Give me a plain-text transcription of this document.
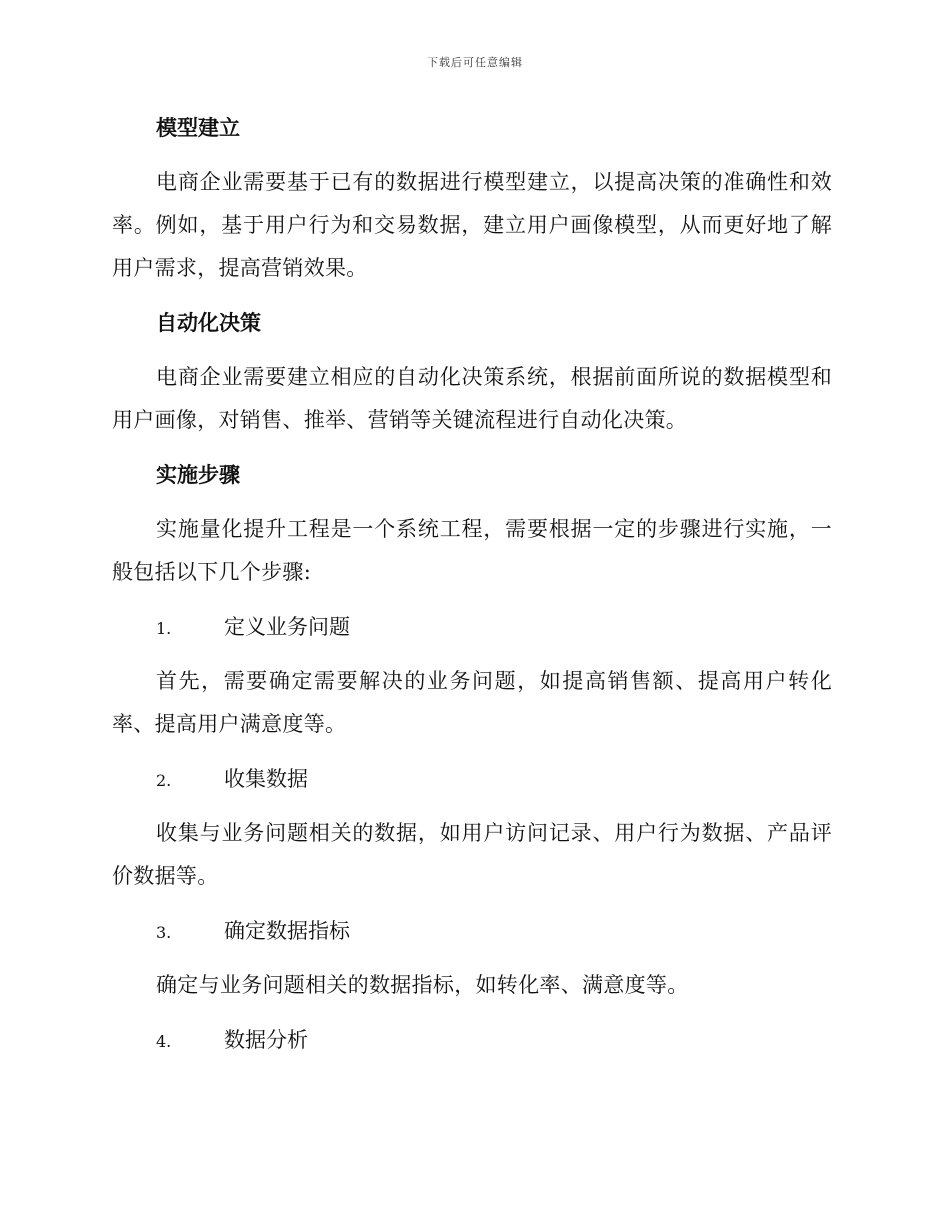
下载后可任意编辑
模型建立

电商企业需要基于已有的数据进行模型建立，以提高决策的准确性和效率。例如，基于用户行为和交易数据，建立用户画像模型，从而更好地了解用户需求，提高营销效果。

自动化决策

电商企业需要建立相应的自动化决策系统，根据前面所说的数据模型和用户画像，对销售、推举、营销等关键流程进行自动化决策。

实施步骤

实施量化提升工程是一个系统工程，需要根据一定的步骤进行实施，一般包括以下几个步骤:

1.	定义业务问题

首先，需要确定需要解决的业务问题，如提高销售额、提高用户转化率、提高用户满意度等。

2.	收集数据

收集与业务问题相关的数据，如用户访问记录、用户行为数据、产品评价数据等。

3.	确定数据指标

确定与业务问题相关的数据指标，如转化率、满意度等。

4.	数据分析
